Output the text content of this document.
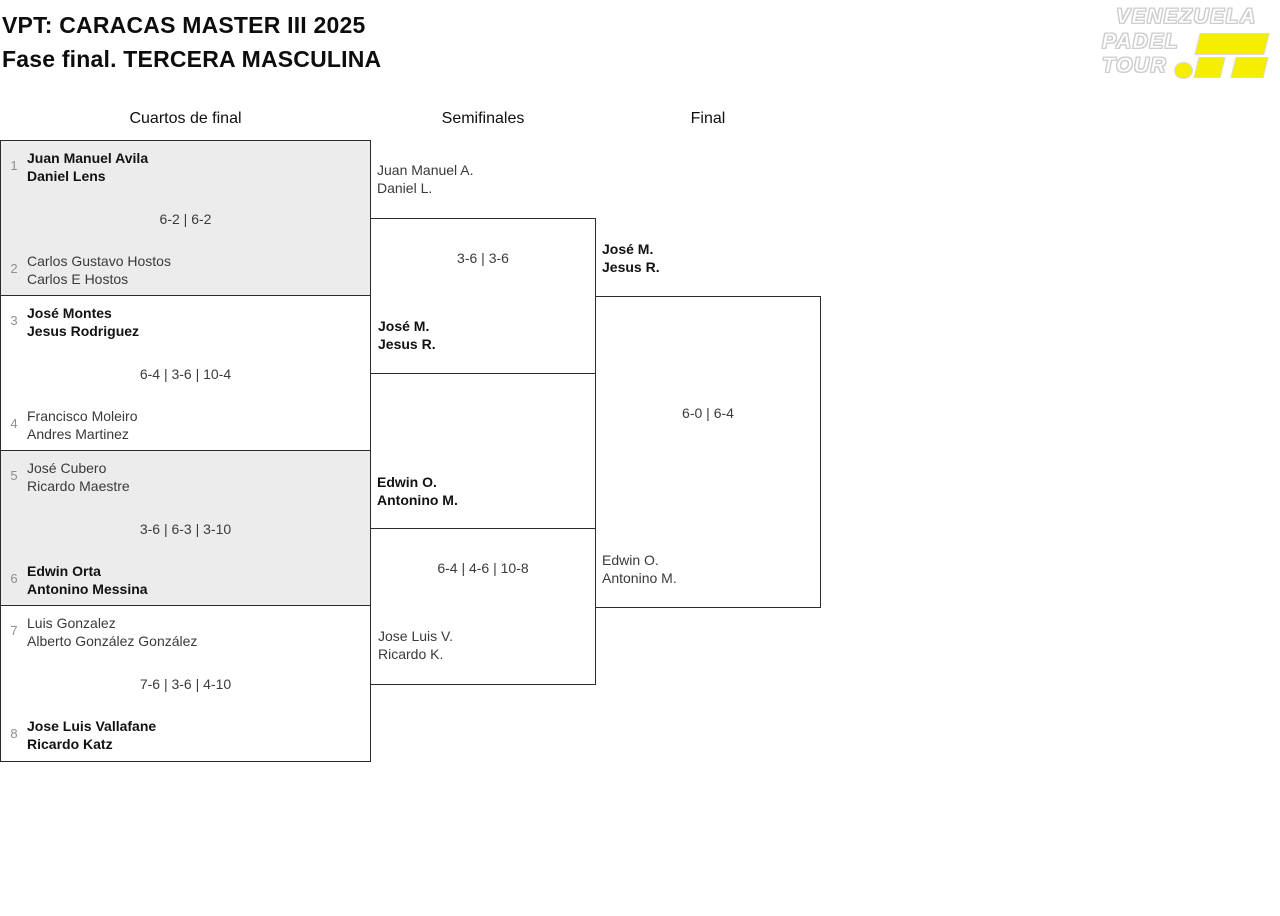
VPT: CARACAS MASTER III 2025
Fase final. TERCERA MASCULINA
VENEZUELA
PADEL
TOUR
Cuartos de final	Semifinales	Final
1 Juan Manuel Avila
Daniel Lens
6-2 | 6-2
2 Carlos Gustavo Hostos
Carlos E Hostos
3 José Montes
Jesus Rodriguez
6-4 | 3-6 | 10-4
4 Francisco Moleiro
Andres Martinez
5 José Cubero
Ricardo Maestre
3-6 | 6-3 | 3-10
6 Edwin Orta
Antonino Messina
7 Luis Gonzalez
Alberto González González
7-6 | 3-6 | 4-10
8 Jose Luis Vallafane
Ricardo Katz
Juan Manuel A.
Daniel L.
3-6 | 3-6
José M.
Jesus R.
Edwin O.
Antonino M.
6-4 | 4-6 | 10-8
Jose Luis V.
Ricardo K.
6-0 | 6-4
José M.
Jesus R.
Edwin O.
Antonino M.
